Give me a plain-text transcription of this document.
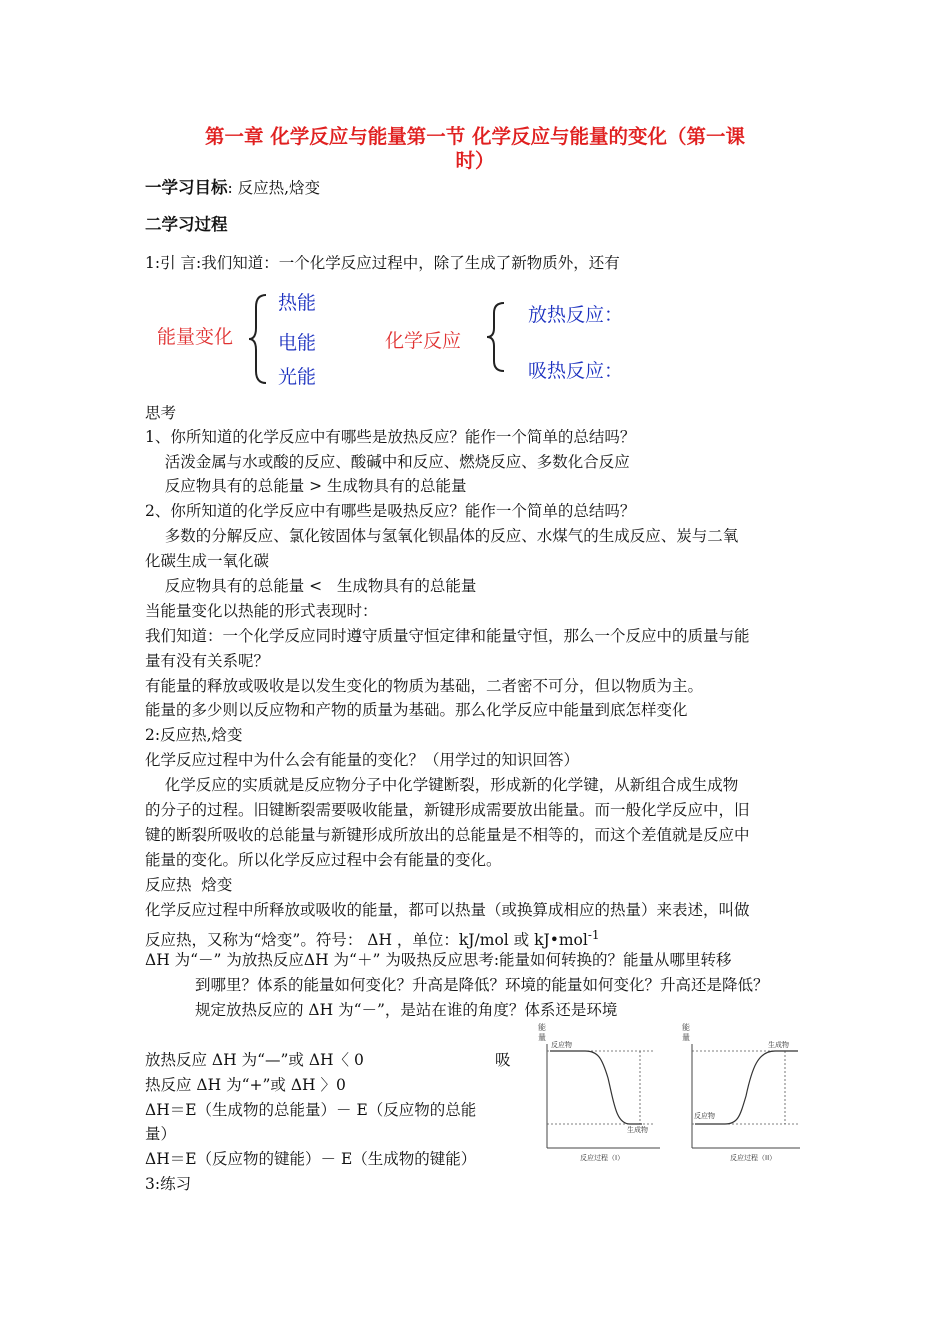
第一章 化学反应与能量第一节 化学反应与能量的变化（第一课
时）
一学习目标: 反应热,焓变
二学习过程
1:引 言:我们知道：一个化学反应过程中，除了生成了新物质外，还有
能量变化
热能
电能
光能
化学反应
放热反应：
吸热反应：
思考
1、你所知道的化学反应中有哪些是放热反应？能作一个简单的总结吗？
活泼金属与水或酸的反应、酸碱中和反应、燃烧反应、多数化合反应
反应物具有的总能量 > 生成物具有的总能量
2、你所知道的化学反应中有哪些是吸热反应？能作一个简单的总结吗？
多数的分解反应、氯化铵固体与氢氧化钡晶体的反应、水煤气的生成反应、炭与二氧
化碳生成一氧化碳
反应物具有的总能量 <   生成物具有的总能量
当能量变化以热能的形式表现时：
我们知道：一个化学反应同时遵守质量守恒定律和能量守恒，那么一个反应中的质量与能
量有没有关系呢？
有能量的释放或吸收是以发生变化的物质为基础，二者密不可分，但以物质为主。
能量的多少则以反应物和产物的质量为基础。那么化学反应中能量到底怎样变化
2:反应热,焓变
化学反应过程中为什么会有能量的变化？（用学过的知识回答）
化学反应的实质就是反应物分子中化学键断裂，形成新的化学键，从新组合成生成物
的分子的过程。旧键断裂需要吸收能量，新键形成需要放出能量。而一般化学反应中，旧
键的断裂所吸收的总能量与新键形成所放出的总能量是不相等的，而这个差值就是反应中
能量的变化。所以化学反应过程中会有能量的变化。
反应热  焓变
化学反应过程中所释放或吸收的能量，都可以热量（或换算成相应的热量）来表述，叫做
反应热，又称为“焓变”。符号： ΔH ，单位：kJ/mol 或 kJ•mol$^{-1}$
ΔH 为“－” 为放热反应ΔH 为“＋” 为吸热反应思考:能量如何转换的？能量从哪里转移
到哪里？体系的能量如何变化？升高是降低？环境的能量如何变化？升高还是降低？
规定放热反应的 ΔH 为“－”，是站在谁的角度？体系还是环境
放热反应 ΔH 为“—”或 ΔH〈 0	吸
热反应 ΔH 为“+”或 ΔH 〉0
ΔH＝E（生成物的总能量）－ E（反应物的总能
量）
ΔH＝E（反应物的键能）－ E（生成物的键能）
3:练习
能
量
反应物
生成物
反应过程（I）
能
量
生成物
反应物
反应过程（II）
